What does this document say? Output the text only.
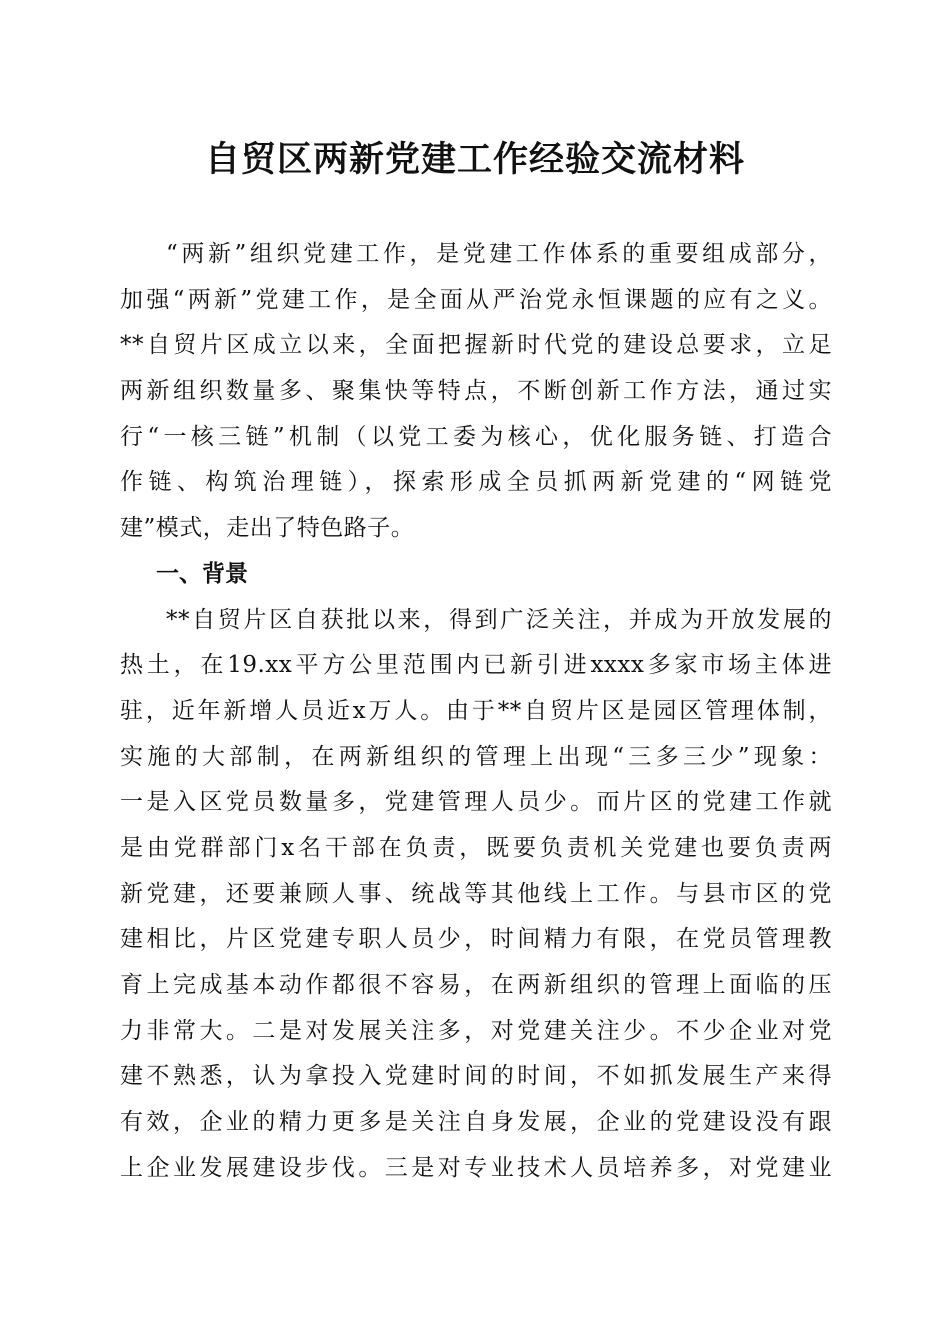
自贸区两新党建工作经验交流材料
“两新”组织党建工作，是党建工作体系的重要组成部分，
加强“两新”党建工作，是全面从严治党永恒课题的应有之义。
**自贸片区成立以来，全面把握新时代党的建设总要求，立足
两新组织数量多、聚集快等特点，不断创新工作方法，通过实
行“一核三链”机制（以党工委为核心，优化服务链、打造合
作链、构筑治理链），探索形成全员抓两新党建的“网链党
建”模式，走出了特色路子。
一、背景
**自贸片区自获批以来，得到广泛关注，并成为开放发展的
热土，在19.xx平方公里范围内已新引进xxxx多家市场主体进
驻，近年新增人员近x万人。由于**自贸片区是园区管理体制，
实施的大部制，在两新组织的管理上出现“三多三少”现象：
一是入区党员数量多，党建管理人员少。而片区的党建工作就
是由党群部门x名干部在负责，既要负责机关党建也要负责两
新党建，还要兼顾人事、统战等其他线上工作。与县市区的党
建相比，片区党建专职人员少，时间精力有限，在党员管理教
育上完成基本动作都很不容易，在两新组织的管理上面临的压
力非常大。二是对发展关注多，对党建关注少。不少企业对党
建不熟悉，认为拿投入党建时间的时间，不如抓发展生产来得
有效，企业的精力更多是关注自身发展，企业的党建设没有跟
上企业发展建设步伐。三是对专业技术人员培养多，对党建业
